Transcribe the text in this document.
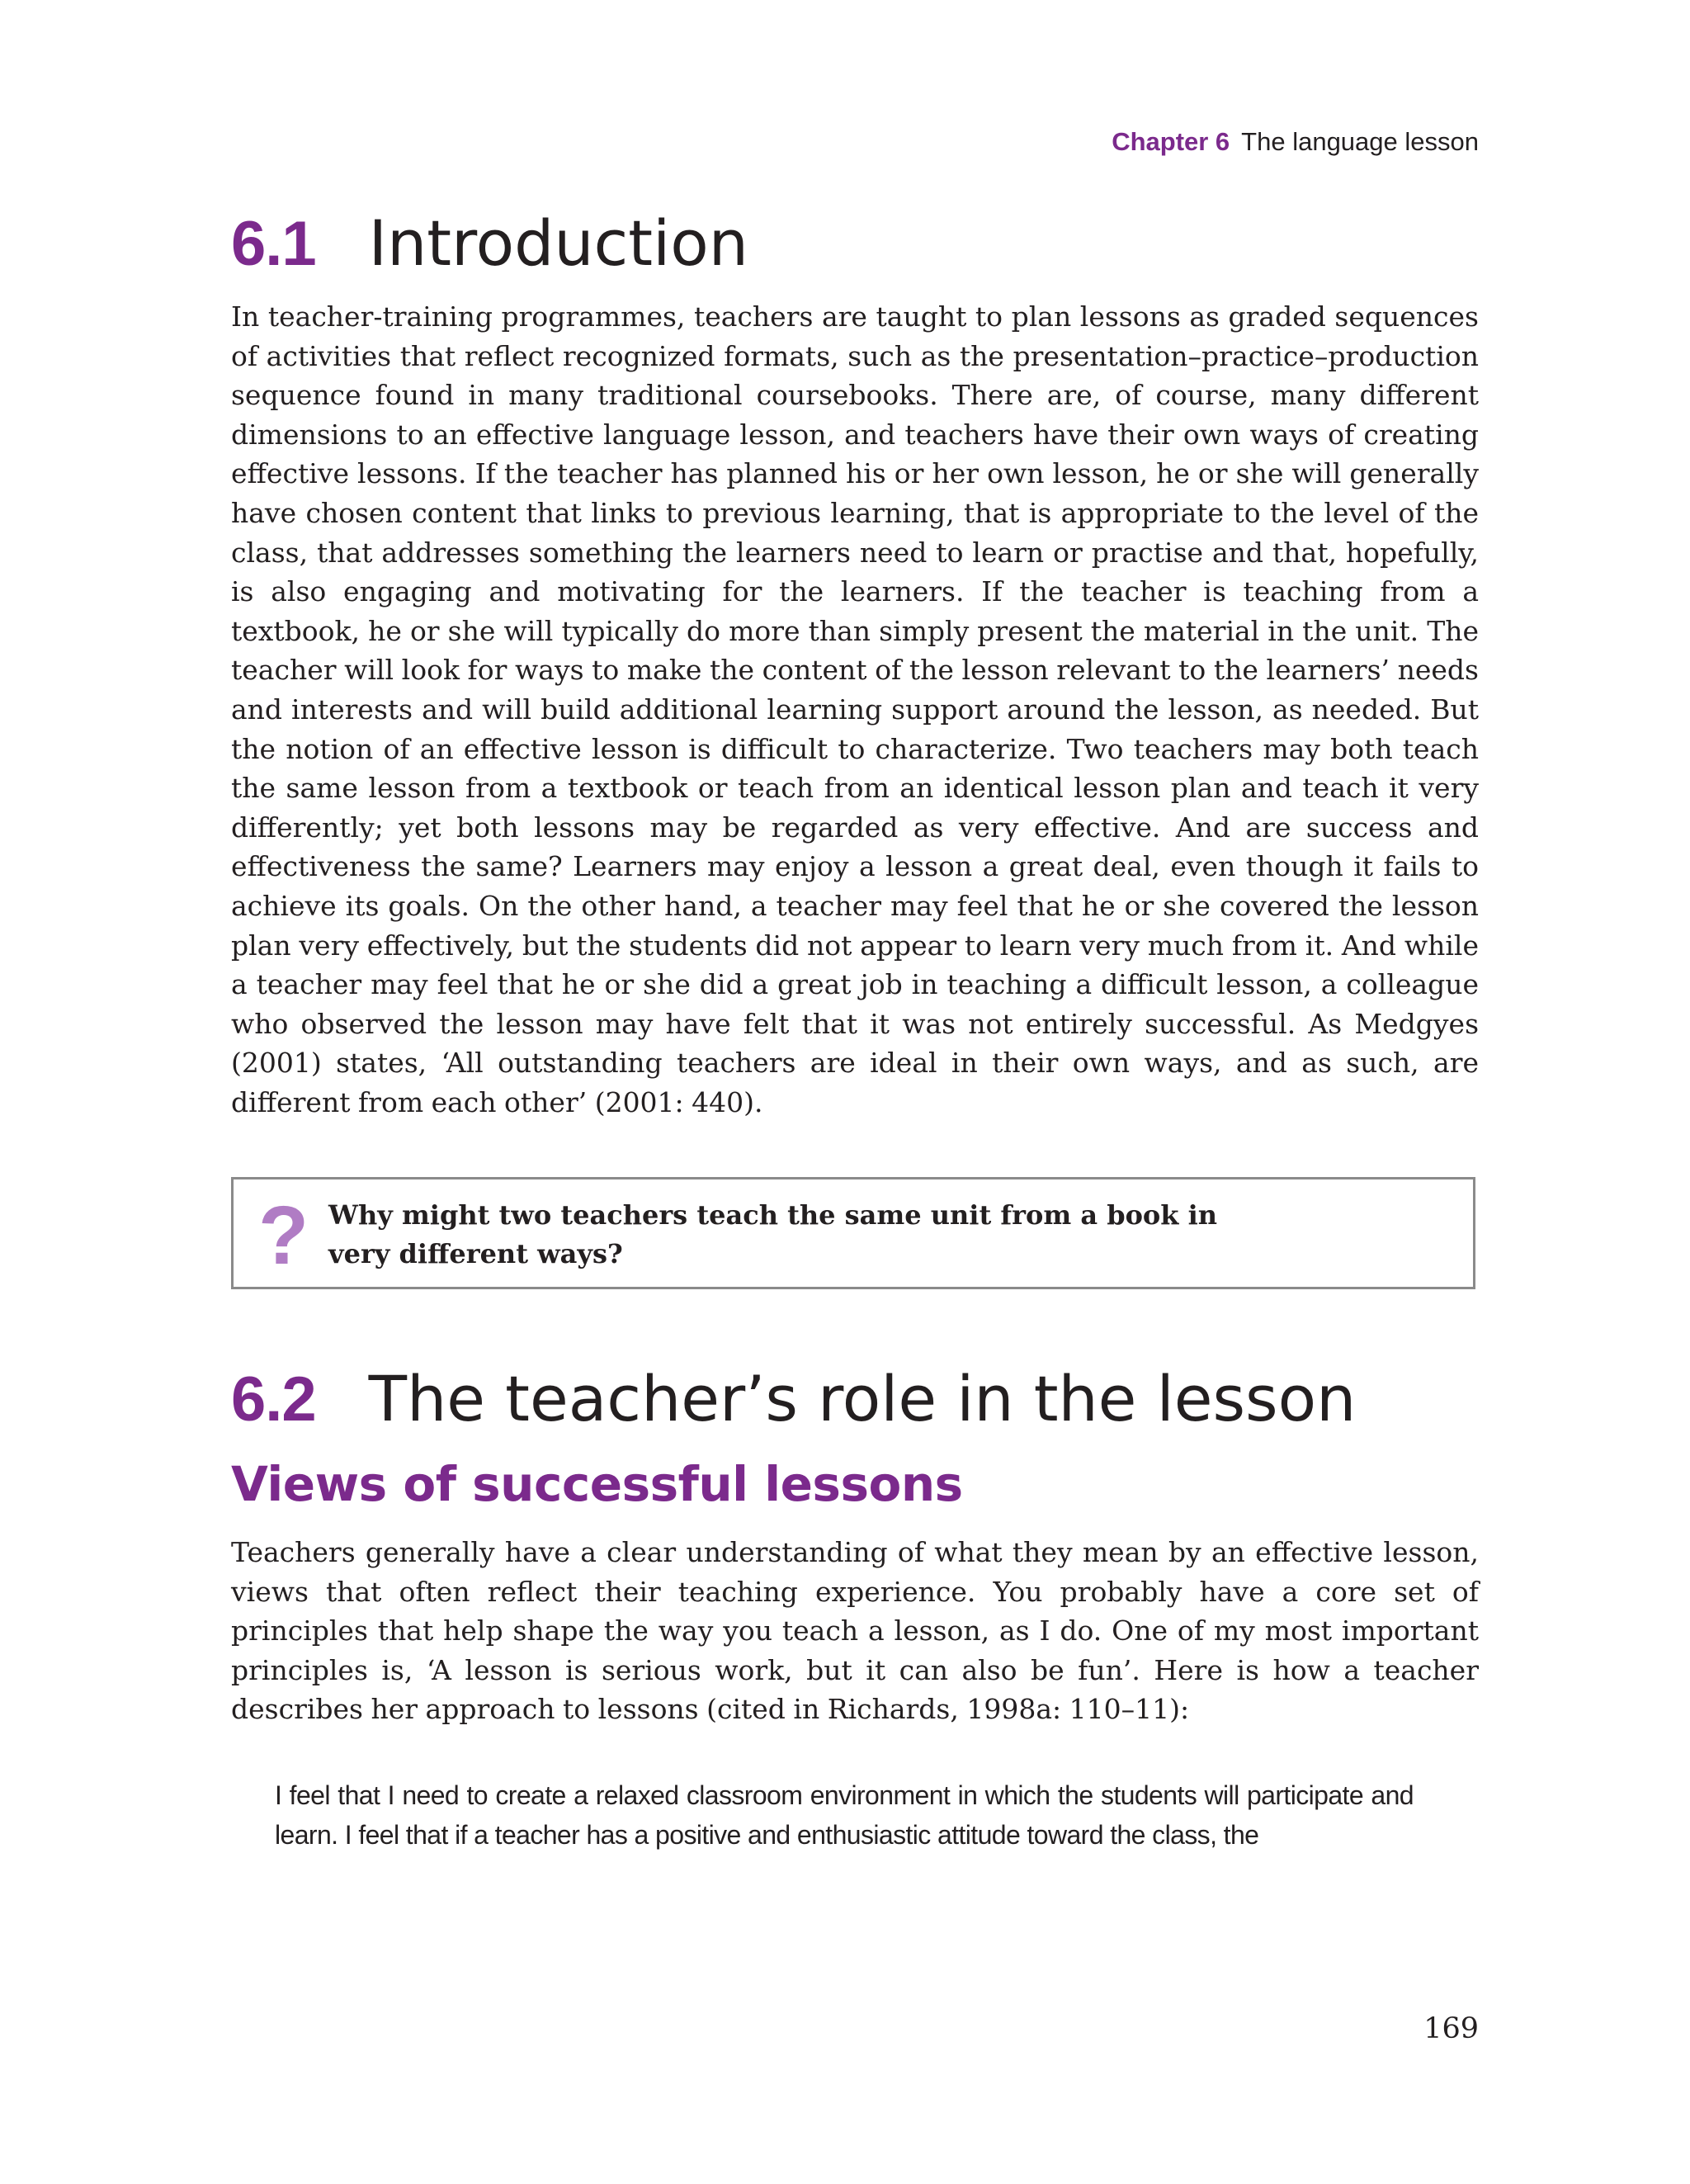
Chapter 6 The language lesson
6.1 Introduction

In teacher-training programmes, teachers are taught to plan lessons as graded sequences of activities that reflect recognized formats, such as the presentation–practice–production sequence found in many traditional coursebooks. There are, of course, many different dimensions to an effective language lesson, and teachers have their own ways of creating effective lessons. If the teacher has planned his or her own lesson, he or she will generally have chosen content that links to previous learning, that is appropriate to the level of the class, that addresses something the learners need to learn or practise and that, hopefully, is also engaging and motivating for the learners. If the teacher is teaching from a textbook, he or she will typically do more than simply present the material in the unit. The teacher will look for ways to make the content of the lesson relevant to the learners’ needs and interests and will build additional learning support around the lesson, as needed. But the notion of an effective lesson is difficult to characterize. Two teachers may both teach the same lesson from a textbook or teach from an identical lesson plan and teach it very differently; yet both lessons may be regarded as very effective. And are success and effectiveness the same? Learners may enjoy a lesson a great deal, even though it fails to achieve its goals. On the other hand, a teacher may feel that he or she covered the lesson plan very effectively, but the students did not appear to learn very much from it. And while a teacher may feel that he or she did a great job in teaching a difficult lesson, a colleague who observed the lesson may have felt that it was not entirely successful. As Medgyes (2001) states, ‘All outstanding teachers are ideal in their own ways, and as such, are different from each other’ (2001: 440).

? Why might two teachers teach the same unit from a book in very different ways?
6.2 The teacher’s role in the lesson
Views of successful lessons

Teachers generally have a clear understanding of what they mean by an effective lesson, views that often reflect their teaching experience. You probably have a core set of principles that help shape the way you teach a lesson, as I do. One of my most important principles is, ‘A lesson is serious work, but it can also be fun’. Here is how a teacher describes her approach to lessons (cited in Richards, 1998a: 110–11):

I feel that I need to create a relaxed classroom environment in which the students will participate and learn. I feel that if a teacher has a positive and enthusiastic attitude toward the class, the

169
